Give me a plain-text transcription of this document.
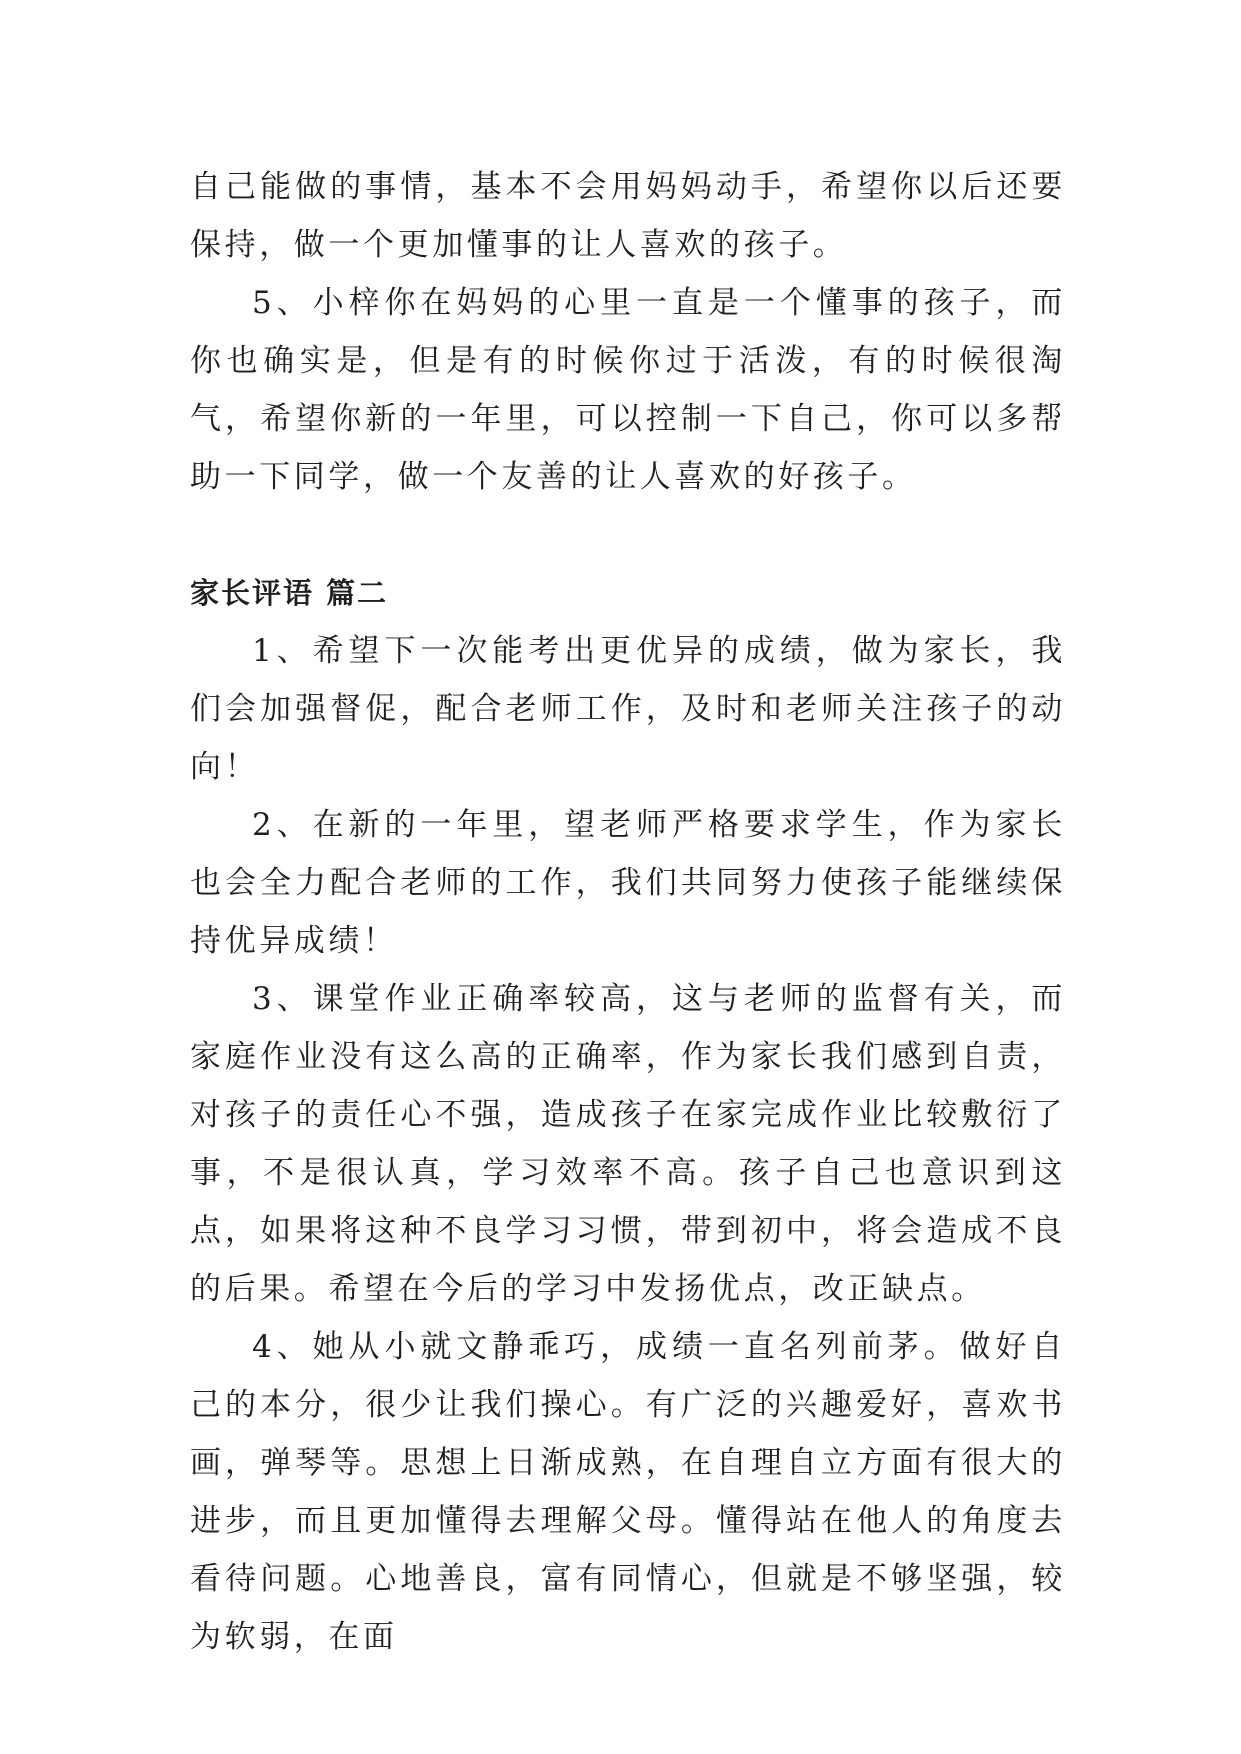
自己能做的事情，基本不会用妈妈动手，希望你以后还要保持，做一个更加懂事的让人喜欢的孩子。

5、小梓你在妈妈的心里一直是一个懂事的孩子，而你也确实是，但是有的时候你过于活泼，有的时候很淘气，希望你新的一年里，可以控制一下自己，你可以多帮助一下同学，做一个友善的让人喜欢的好孩子。

家长评语 篇二

1、希望下一次能考出更优异的成绩，做为家长，我们会加强督促，配合老师工作，及时和老师关注孩子的动向！

2、在新的一年里，望老师严格要求学生，作为家长也会全力配合老师的工作，我们共同努力使孩子能继续保持优异成绩！

3、课堂作业正确率较高，这与老师的监督有关，而家庭作业没有这么高的正确率，作为家长我们感到自责，对孩子的责任心不强，造成孩子在家完成作业比较敷衍了事，不是很认真，学习效率不高。孩子自己也意识到这点，如果将这种不良学习习惯，带到初中，将会造成不良的后果。希望在今后的学习中发扬优点，改正缺点。

4、她从小就文静乖巧，成绩一直名列前茅。做好自己的本分，很少让我们操心。有广泛的兴趣爱好，喜欢书画，弹琴等。思想上日渐成熟，在自理自立方面有很大的进步，而且更加懂得去理解父母。懂得站在他人的角度去看待问题。心地善良，富有同情心，但就是不够坚强，较为软弱，在面
